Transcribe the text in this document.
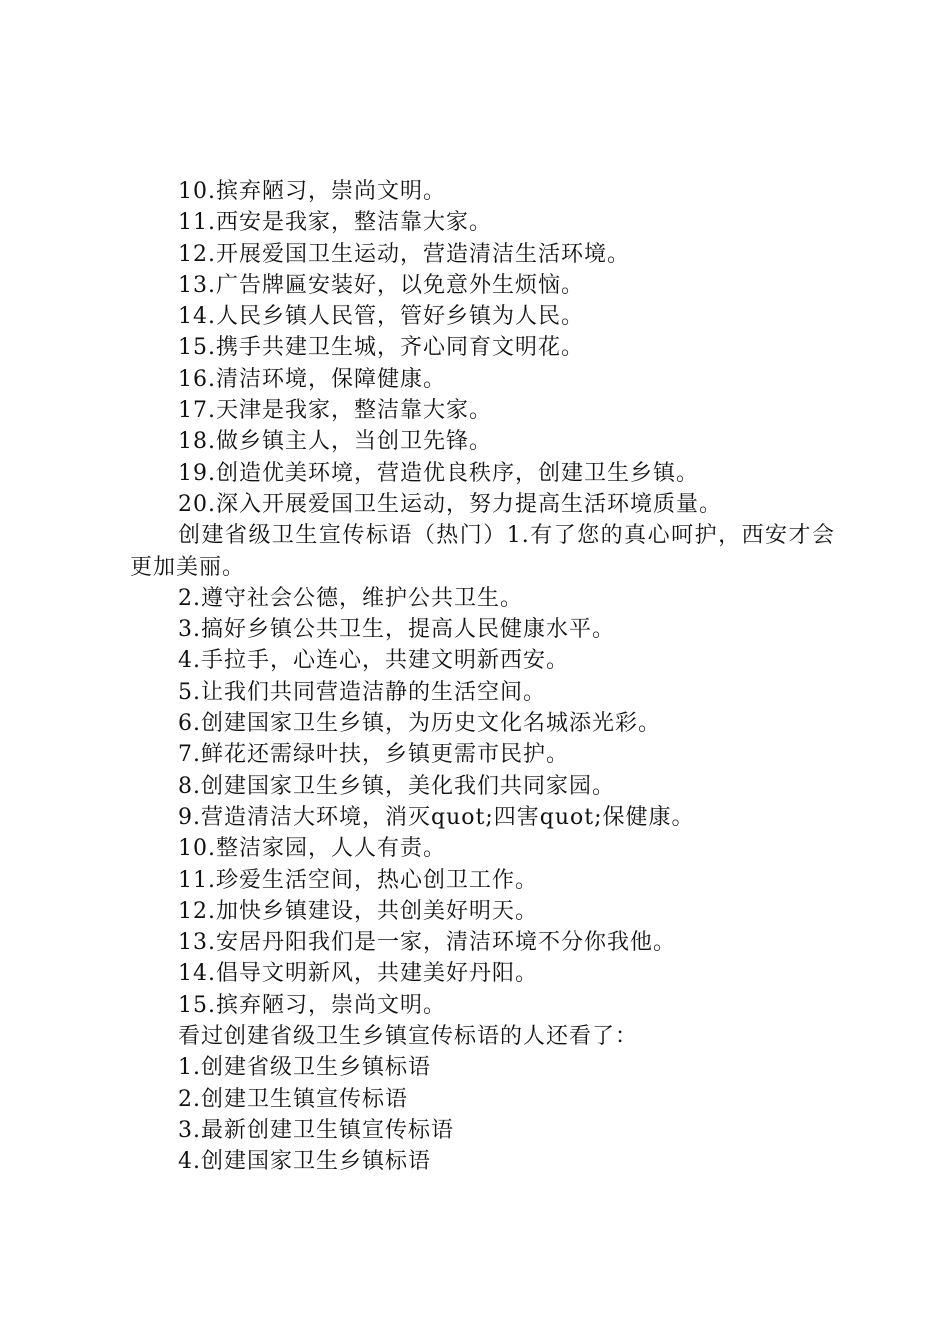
10.摈弃陋习，崇尚文明。
11.西安是我家，整洁靠大家。
12.开展爱国卫生运动，营造清洁生活环境。
13.广告牌匾安装好，以免意外生烦恼。
14.人民乡镇人民管，管好乡镇为人民。
15.携手共建卫生城，齐心同育文明花。
16.清洁环境，保障健康。
17.天津是我家，整洁靠大家。
18.做乡镇主人，当创卫先锋。
19.创造优美环境，营造优良秩序，创建卫生乡镇。
20.深入开展爱国卫生运动，努力提高生活环境质量。
创建省级卫生宣传标语（热门）1.有了您的真心呵护，西安才会更加美丽。
2.遵守社会公德，维护公共卫生。
3.搞好乡镇公共卫生，提高人民健康水平。
4.手拉手，心连心，共建文明新西安。
5.让我们共同营造洁静的生活空间。
6.创建国家卫生乡镇，为历史文化名城添光彩。
7.鲜花还需绿叶扶，乡镇更需市民护。
8.创建国家卫生乡镇，美化我们共同家园。
9.营造清洁大环境，消灭quot;四害quot;保健康。
10.整洁家园，人人有责。
11.珍爱生活空间，热心创卫工作。
12.加快乡镇建设，共创美好明天。
13.安居丹阳我们是一家，清洁环境不分你我他。
14.倡导文明新风，共建美好丹阳。
15.摈弃陋习，崇尚文明。
看过创建省级卫生乡镇宣传标语的人还看了：
1.创建省级卫生乡镇标语
2.创建卫生镇宣传标语
3.最新创建卫生镇宣传标语
4.创建国家卫生乡镇标语
